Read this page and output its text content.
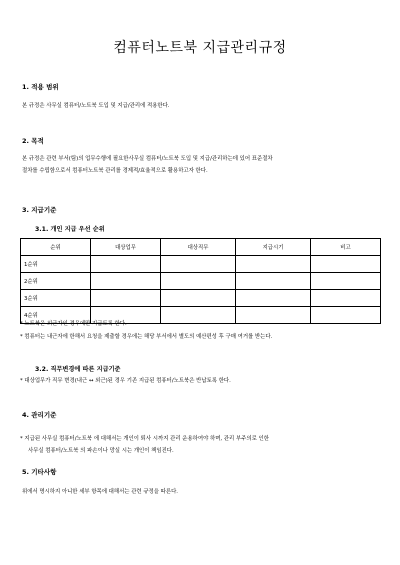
컴퓨터노트북 지급관리규정
1. 적용 범위
본 규정은 사무실 컴퓨터/노트북 도입 및 지급/관리에 적용한다.
2. 목적
본 규정은 관련 부서(팀)의 업무수행에 필요한사무실 컴퓨터/노트북 도입 및 지급/관리하는데 있어 표준절차
절차를 수립함으로서 컴퓨터노트북 관리를 경제적/효율적으로 활용하고자 한다.
3. 지급기준
3.1. 개인 지급 우선 순위
순위	대상업무	대상직무	지급시기	비고
1순위				
2순위				
3순위				
4순위				
* 노트북은 외근자인 경우에만 지급토록 한다.
* 컴퓨터는 내근자에 한해서 요청을 제출할 경우에는 해당 부서에서 별도의 예산편성 후 구매 여거를 받는다.
3.2. 직무변경에 따른 지급기준
* 대상업무가 직무 변경(내근 ↔ 외근)된 경우 기존 지급된 컴퓨터/노트북은 반납토록 한다.
4. 관리기준
* 지급된 사무실 컴퓨터/노트북 에 대해서는 개인이 퇴사 시까지 관리 운용하여야 하며, 관리 부주의로 인한
사무실 컴퓨터/노트북 의 파손이나 망실 시는 개인이 책임진다.
5. 기타사항
위에서 명시하지 아니한 세부 항목에 대해서는 관련 규정을 따른다.
